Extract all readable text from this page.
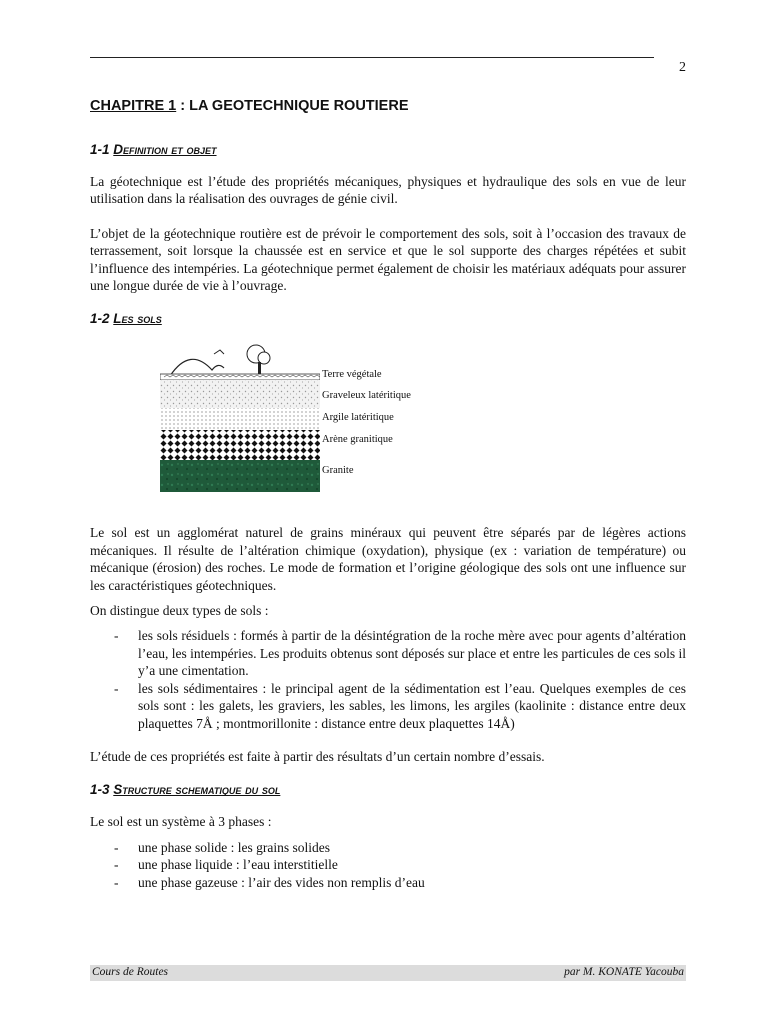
2
CHAPITRE 1 : LA GEOTECHNIQUE ROUTIERE
1-1 Definition et objet

La géotechnique est l’étude des propriétés mécaniques, physiques et hydraulique des sols en vue de leur utilisation dans la réalisation des ouvrages de génie civil.

L’objet de la géotechnique routière est de prévoir le comportement des sols, soit à l’occasion des travaux de terrassement, soit lorsque la chaussée est en service et que le sol supporte des charges répétées et subit l’influence des intempéries. La géotechnique permet également de choisir les matériaux adéquats pour assurer une longue durée de vie à l’ouvrage.

1-2 Les sols
Terre végétale
Graveleux latéritique
Argile latéritique
Arène granitique
Granite

Le sol est un agglomérat naturel de grains minéraux qui peuvent être séparés par de légères actions mécaniques. Il résulte de l’altération chimique (oxydation), physique (ex : variation de température) ou mécanique (érosion) des roches. Le mode de formation et l’origine géologique des sols ont une influence sur les caractéristiques géotechniques.

On distingue deux types de sols :

- les sols résiduels : formés à partir de la désintégration de la roche mère avec pour agents d’altération l’eau, les intempéries. Les produits obtenus sont déposés sur place et entre les particules de ces sols il y’a une cimentation.
- les sols sédimentaires : le principal agent de la sédimentation est l’eau. Quelques exemples de ces sols sont : les galets, les graviers, les sables, les limons, les argiles (kaolinite : distance entre deux plaquettes 7Å ; montmorillonite : distance entre deux plaquettes 14Å)

L’étude de ces propriétés est faite à partir des résultats d’un certain nombre d’essais.

1-3 Structure schematique du sol

Le sol est un système à 3 phases :

- une phase solide : les grains solides
- une phase liquide : l’eau interstitielle
- une phase gazeuse : l’air des vides non remplis d’eau
Cours de Routes	par M. KONATE Yacouba
